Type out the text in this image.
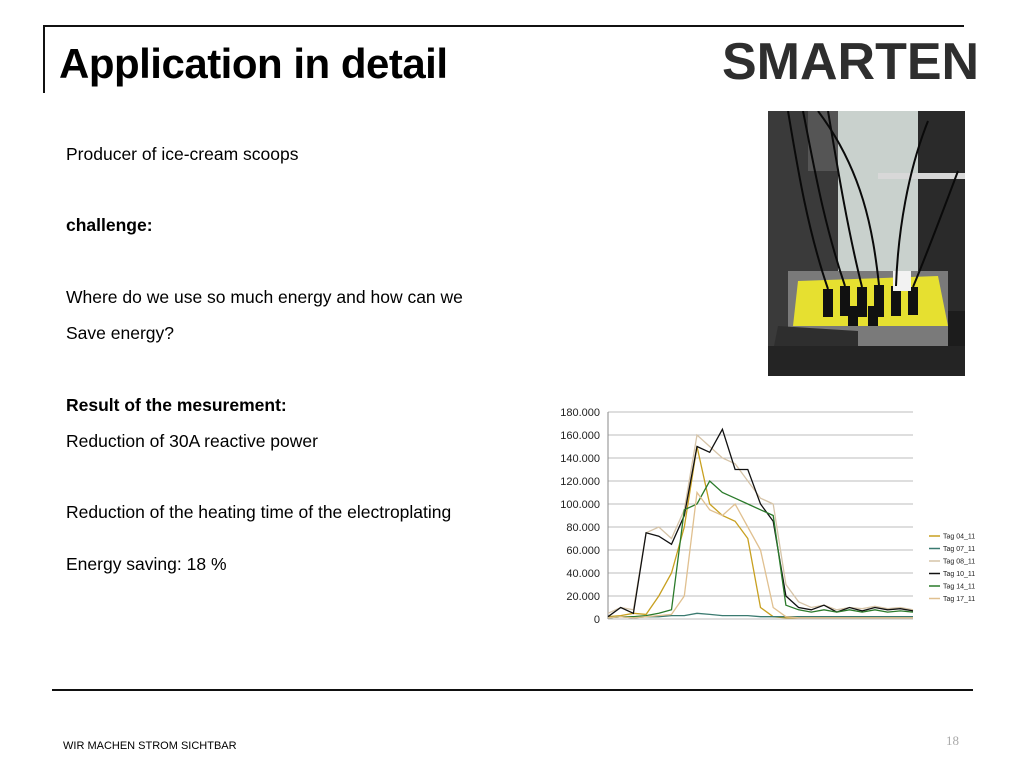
Application in detail	SMARTEN
Producer of ice-cream scoops
challenge:
Where do we use so much energy and how can we
Save energy?
Result of the mesurement:
Reduction of 30A reactive power
Reduction of the heating time of the electroplating
Energy saving: 18 %
0
20.000
40.000
60.000
80.000
100.000
120.000
140.000
160.000
180.000
Tag 04_11
Tag 07_11
Tag 08_11
Tag 10_11
Tag 14_11
Tag 17_11
WIR MACHEN STROM SICHTBAR	18
